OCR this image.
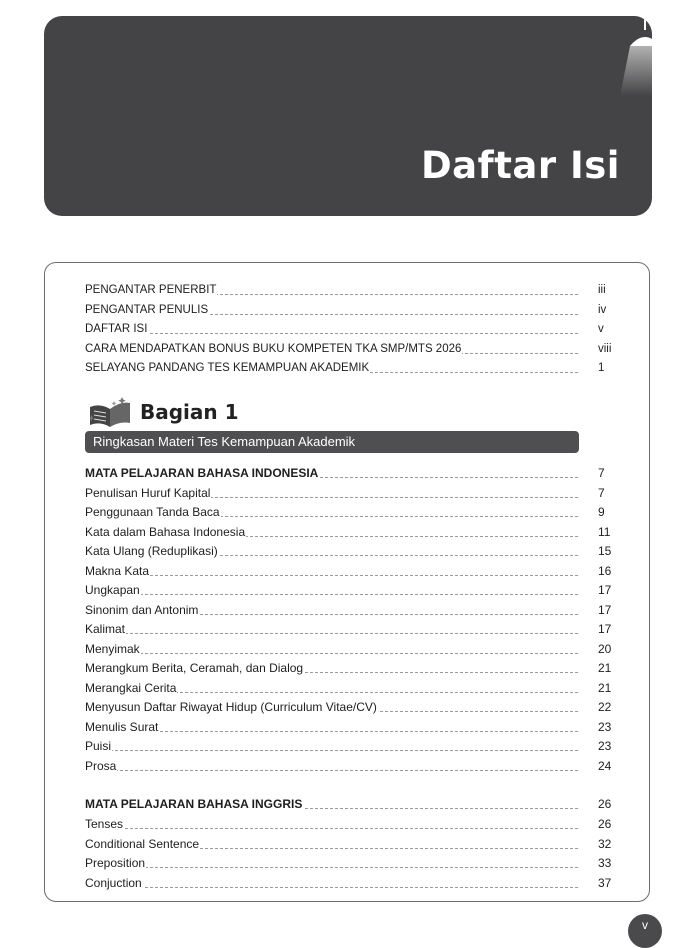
Daftar Isi
PENGANTAR PENERBIT	iii
PENGANTAR PENULIS	iv
DAFTAR ISI	v
CARA MENDAPATKAN BONUS BUKU KOMPETEN TKA SMP/MTS 2026	viii
SELAYANG PANDANG TES KEMAMPUAN AKADEMIK	1
Bagian 1
Ringkasan Materi Tes Kemampuan Akademik
MATA PELAJARAN BAHASA INDONESIA	7
Penulisan Huruf Kapital	7
Penggunaan Tanda Baca	9
Kata dalam Bahasa Indonesia	11
Kata Ulang (Reduplikasi)	15
Makna Kata	16
Ungkapan	17
Sinonim dan Antonim	17
Kalimat	17
Menyimak	20
Merangkum Berita, Ceramah, dan Dialog	21
Merangkai Cerita	21
Menyusun Daftar Riwayat Hidup (Curriculum Vitae/CV)	22
Menulis Surat	23
Puisi	23
Prosa	24
MATA PELAJARAN BAHASA INGGRIS	26
Tenses	26
Conditional Sentence	32
Preposition	33
Conjuction	37
v
